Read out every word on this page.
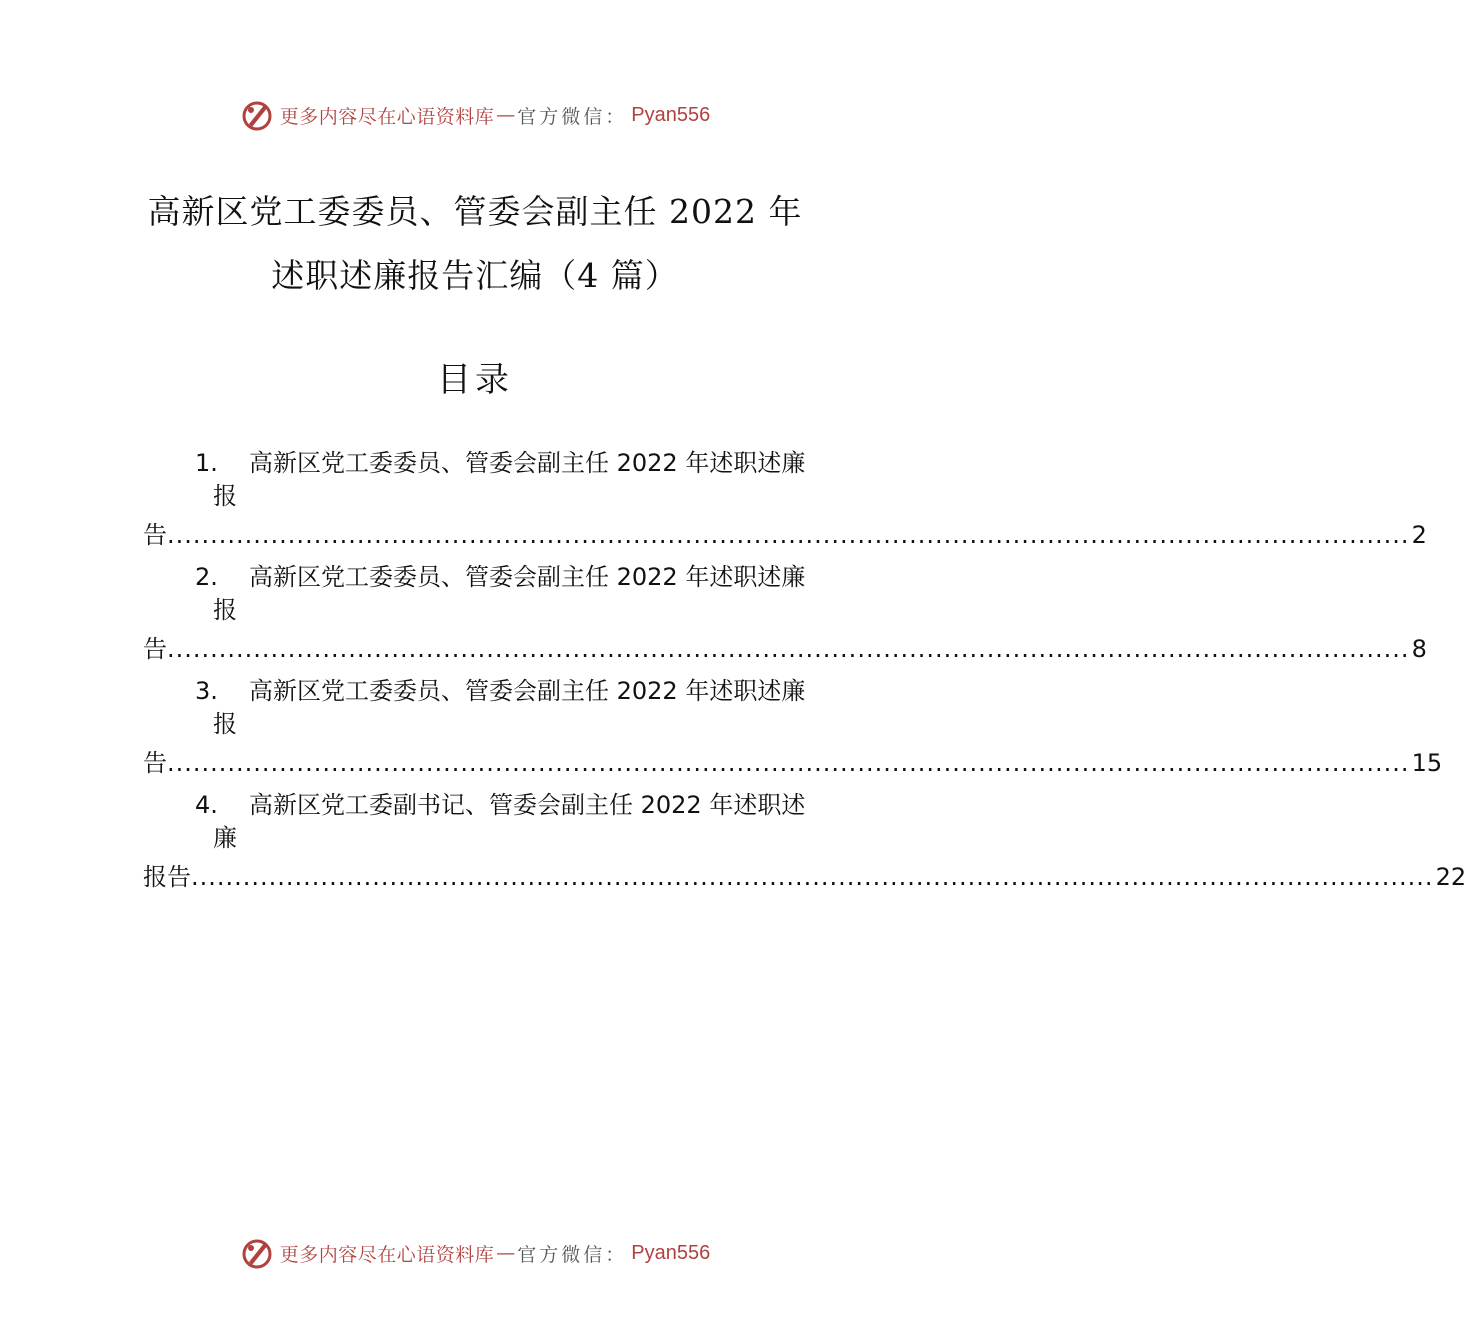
更多内容尽在心语资料库 — 官方微信： Pyan556
高新区党工委委员、管委会副主任 2022 年
述职述廉报告汇编（4 篇）
目录
1. 高新区党工委委员、管委会副主任 2022 年述职述廉
报
告 ................................................................................................................................................ 2
2. 高新区党工委委员、管委会副主任 2022 年述职述廉
报
告 ................................................................................................................................................ 8
3. 高新区党工委委员、管委会副主任 2022 年述职述廉
报
告 ................................................................................................................................................ 15
4. 高新区党工委副书记、管委会副主任 2022 年述职述
廉
报告 ................................................................................................................................................ 22
更多内容尽在心语资料库 — 官方微信： Pyan556
